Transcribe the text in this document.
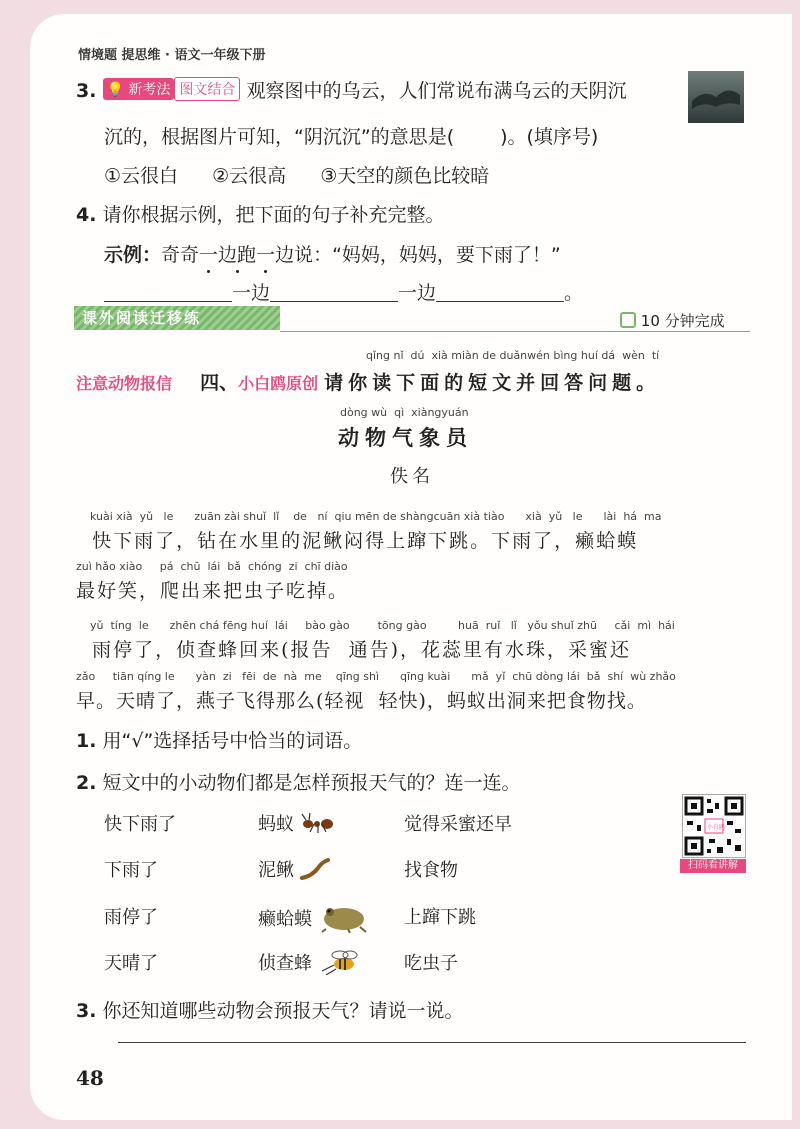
情境题 提思维 · 语文一年级下册
3. 💡 新考法 图文结合 观察图中的乌云，人们常说布满乌云的天阴沉
沉的，根据图片可知，“阴沉沉”的意思是( )。(填序号)
①云很白 ②云很高 ③天空的颜色比较暗
4. 请你根据示例，把下面的句子补充完整。
示例：奇奇一边跑一边说：“妈妈，妈妈，要下雨了！”
一边	一边	。
课外阅读迁移练	10 分钟完成
qǐng nǐ  dú  xià miàn de duǎnwén bìng huí dá  wèn  tí
注意动物报信 四、小白鸥原创 请你读下面的短文并回答问题。
dòng wù  qì  xiàngyuán
动物气象员
佚名
kuài xià  yǔ   le      zuān zài shuǐ  lǐ    de   ní  qiu mēn de shàngcuān xià tiào      xià  yǔ   le      lài  há  ma
快下雨了，钻在水里的泥鳅闷得上蹿下跳。下雨了，癞蛤蟆
zuì hǎo xiào     pá  chū  lái  bǎ  chóng  zi  chī diào
最好笑，爬出来把虫子吃掉。
yǔ  tíng  le      zhēn chá fēng huí  lái     bào gào        tōng gào         huā  ruǐ   lǐ   yǒu shuǐ zhū     cǎi  mì  hái
雨停了，侦查蜂回来(报告  通告)，花蕊里有水珠，采蜜还
zǎo     tiān qíng le      yàn  zi   fēi  de  nà  me    qīng shì      qīng kuài      mǎ  yǐ  chū dòng lái  bǎ  shí  wù zhǎo
早。天晴了，燕子飞得那么(轻视  轻快)，蚂蚁出洞来把食物找。
1. 用“√”选择括号中恰当的词语。
2. 短文中的小动物们都是怎样预报天气的？连一连。
快下雨了
下雨了
雨停了
天晴了
蚂蚁
泥鳅
癞蛤蟆
侦查蜂
觉得采蜜还早
找食物
上蹿下跳
吃虫子
小白鸥
扫码看讲解
3. 你还知道哪些动物会预报天气？请说一说。
48
